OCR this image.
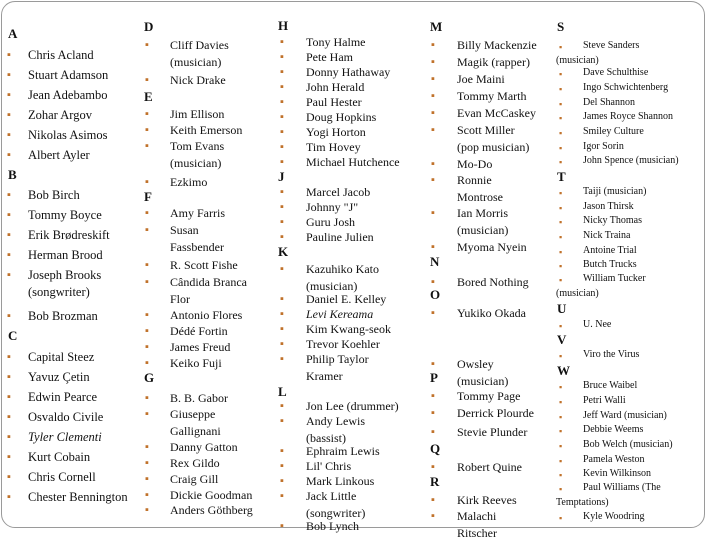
A
▪ Chris Acland
▪ Stuart Adamson
▪ Jean Adebambo
▪ Zohar Argov
▪ Nikolas Asimos
▪ Albert Ayler
B
▪ Bob Birch
▪ Tommy Boyce
▪ Erik Brødreskift
▪ Herman Brood
▪ Joseph Brooks
(songwriter)
▪ Bob Brozman
C
▪ Capital Steez
▪ Yavuz Çetin
▪ Edwin Pearce
▪ Osvaldo Civile
▪ Tyler Clementi
▪ Kurt Cobain
▪ Chris Cornell
▪ Chester Bennington
D
▪ Cliff Davies
(musician)
▪ Nick Drake
E
▪ Jim Ellison
▪ Keith Emerson
▪ Tom Evans
(musician)
▪ Ezkimo
F
▪ Amy Farris
▪ Susan
Fassbender
▪ R. Scott Fishe
▪ Cândida Branca
Flor
▪ Antonio Flores
▪ Dédé Fortin
▪ James Freud
▪ Keiko Fuji
G
▪ B. B. Gabor
▪ Giuseppe
Gallignani
▪ Danny Gatton
▪ Rex Gildo
▪ Craig Gill
▪ Dickie Goodman
▪ Anders Göthberg
H
▪ Tony Halme
▪ Pete Ham
▪ Donny Hathaway
▪ John Herald
▪ Paul Hester
▪ Doug Hopkins
▪ Yogi Horton
▪ Tim Hovey
▪ Michael Hutchence
J
▪ Marcel Jacob
▪ Johnny "J"
▪ Guru Josh
▪ Pauline Julien
K
▪ Kazuhiko Kato
(musician)
▪ Daniel E. Kelley
▪ Levi Kereama
▪ Kim Kwang-seok
▪ Trevor Koehler
▪ Philip Taylor
Kramer
L
▪ Jon Lee (drummer)
▪ Andy Lewis
(bassist)
▪ Ephraim Lewis
▪ Lil' Chris
▪ Mark Linkous
▪ Jack Little
(songwriter)
▪ Bob Lynch
M
▪ Billy Mackenzie
▪ Magik (rapper)
▪ Joe Maini
▪ Tommy Marth
▪ Evan McCaskey
▪ Scott Miller
(pop musician)
▪ Mo-Do
▪ Ronnie
Montrose
▪ Ian Morris
(musician)
▪ Myoma Nyein
N
▪ Bored Nothing
O
▪ Yukiko Okada
▪ Owsley
(musician)
P
▪ Tommy Page
▪ Derrick Plourde
▪ Stevie Plunder
Q
▪ Robert Quine
R
▪ Kirk Reeves
▪ Malachi
Ritscher
S
▪ Steve Sanders
(musician)
▪ Dave Schulthise
▪ Ingo Schwichtenberg
▪ Del Shannon
▪ James Royce Shannon
▪ Smiley Culture
▪ Igor Sorin
▪ John Spence (musician)
T
▪ Taiji (musician)
▪ Jason Thirsk
▪ Nicky Thomas
▪ Nick Traina
▪ Antoine Trial
▪ Butch Trucks
▪ William Tucker
(musician)
U
▪ U. Nee
V
▪ Viro the Virus
W
▪ Bruce Waibel
▪ Petri Walli
▪ Jeff Ward (musician)
▪ Debbie Weems
▪ Bob Welch (musician)
▪ Pamela Weston
▪ Kevin Wilkinson
▪ Paul Williams (The
Temptations)
▪ Kyle Woodring
